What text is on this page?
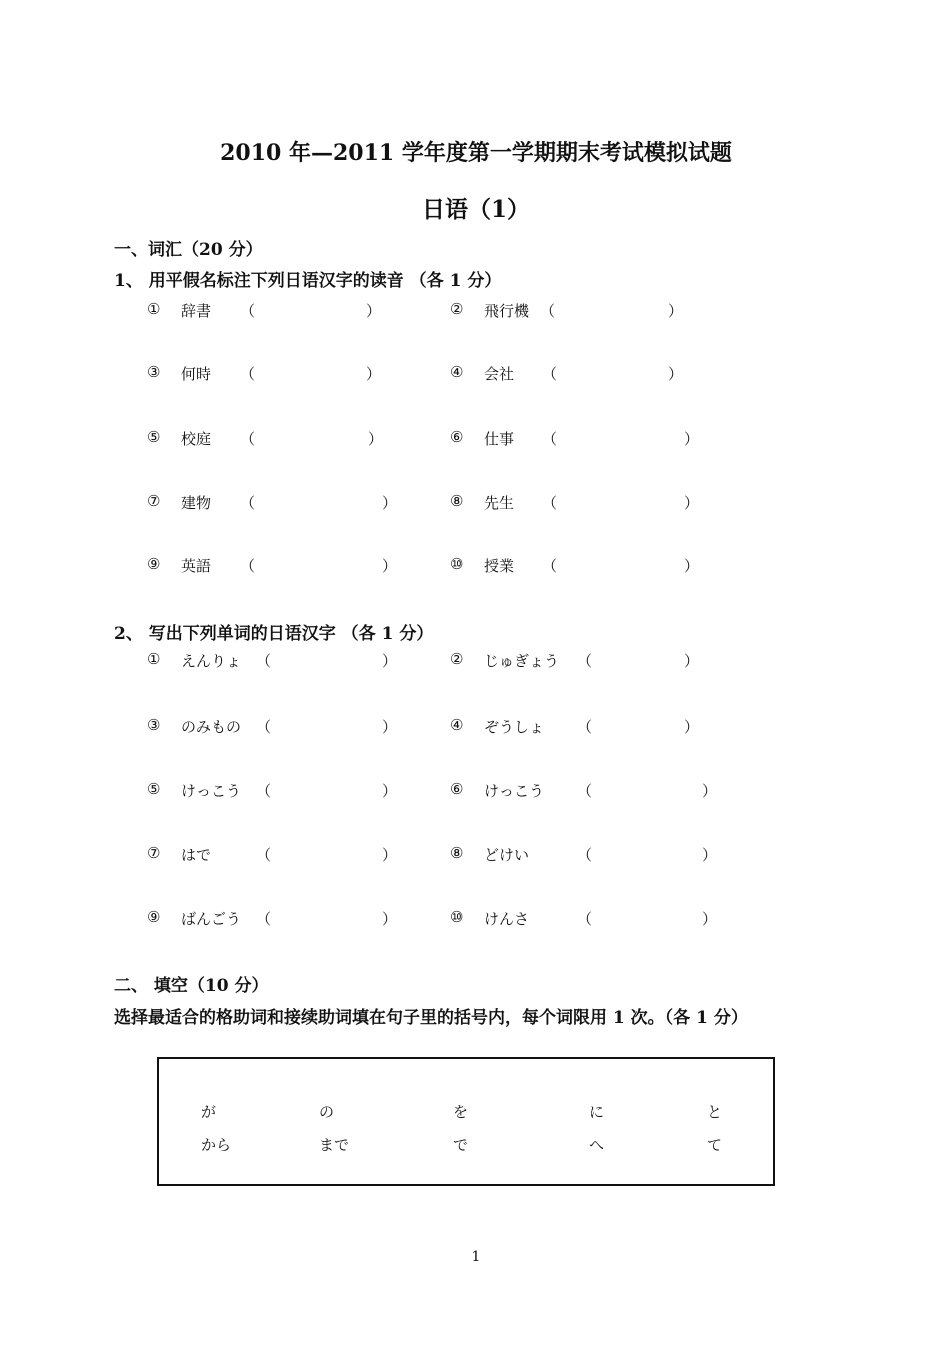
2010 年—2011 学年度第一学期期末考试模拟试题
日语（1）
一、词汇（20 分）
1、 用平假名标注下列日语汉字的读音 （各 1 分）
① 辞書 （	）	② 飛行機 （	）
③ 何時 （	）	④ 会社 （	）
⑤ 校庭 （	）	⑥ 仕事 （	）
⑦ 建物 （	）	⑧ 先生 （	）
⑨ 英語 （	）	⑩ 授業 （	）
2、 写出下列单词的日语汉字 （各 1 分）
① えんりょ （	）	② じゅぎょう （	）
③ のみもの （	）	④ ぞうしょ （	）
⑤ けっこう （	）	⑥ けっこう （	）
⑦ はで	（	）	⑧ どけい	（	）
⑨ ばんごう （	）	⑩ けんさ	（	）
二、 填空（10 分）
选择最适合的格助词和接续助词填在句子里的括号内，每个词限用 1 次。（各 1 分）
が	の	を	に	と
から	まで	で	へ	て
1
